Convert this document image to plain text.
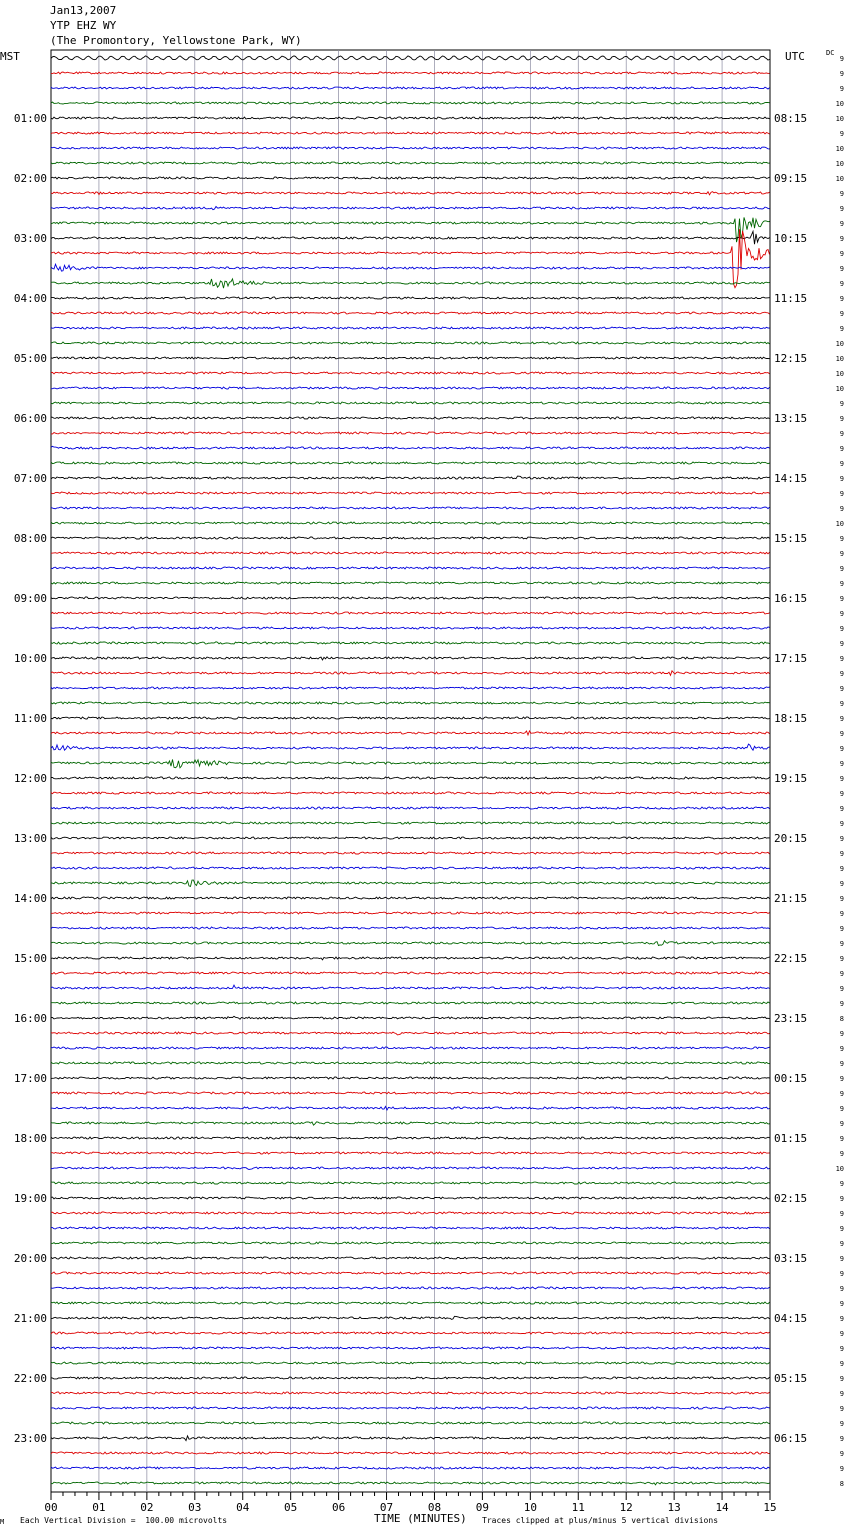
Jan13,2007
YTP EHZ WY
(The Promontory, Yellowstone Park, WY)
MST	UTC	DC
M Each Vertical Division =  100.00 microvolts	TIME (MINUTES) Traces clipped at plus/minus 5 vertical divisions
01:00
02:00
03:00
04:00
05:00
06:00
07:00
08:00
09:00
10:00
11:00
12:00
13:00
14:00
15:00
16:00
17:00
18:00
19:00
20:00
21:00
22:00
23:00
08:15
09:15
10:15
11:15
12:15
13:15
14:15
15:15
16:15
17:15
18:15
19:15
20:15
21:15
22:15
23:15
00:15
01:15
02:15
03:15
04:15
05:15
06:15
9
9
9
10
10
9
10
10
10
9
9
9
9
9
9
9
9
9
9
10
10
10
10
9
9
9
9
9
9
9
9
10
9
9
9
9
9
9
9
9
9
9
9
9
9
9
9
9
9
9
9
9
9
9
9
9
9
9
9
9
9
9
9
9
8
9
9
9
9
9
9
9
9
9
10
9
9
9
9
9
9
9
9
9
9
9
9
9
9
9
9
9
9
9
9
8
00	01	02	03	04	05	06	07	08	09	10	11	12	13	14	15
